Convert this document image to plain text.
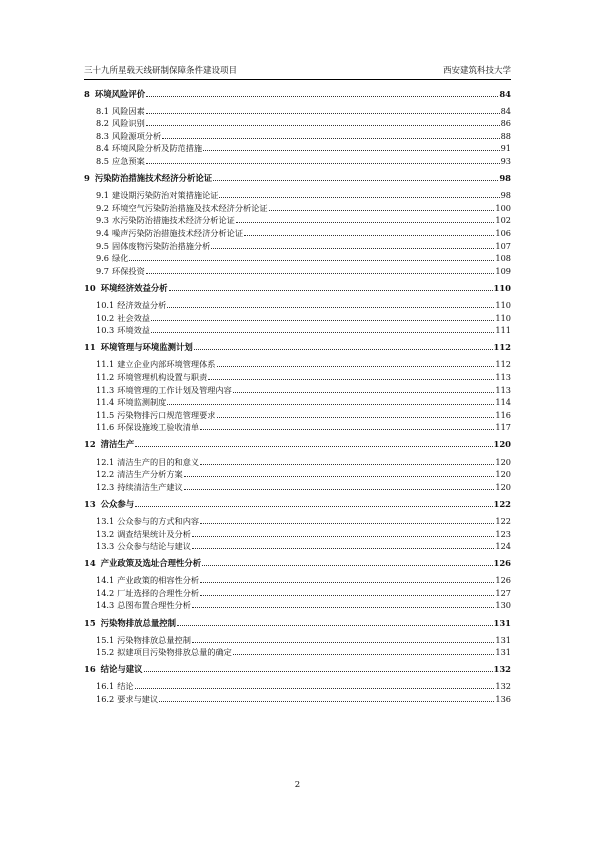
三十九所星载天线研制保障条件建设项目	西安建筑科技大学
8 环境风险评价	84
8.1 风险因素	84
8.2 风险识别	86
8.3 风险源项分析	88
8.4 环境风险分析及防范措施	91
8.5 应急预案	93
9 污染防治措施技术经济分析论证	98
9.1 建设期污染防治对策措施论证	98
9.2 环境空气污染防治措施及技术经济分析论证	100
9.3 水污染防治措施技术经济分析论证	102
9.4 噪声污染防治措施技术经济分析论证	106
9.5 固体废物污染防治措施分析	107
9.6 绿化	108
9.7 环保投资	109
10 环境经济效益分析	110
10.1 经济效益分析	110
10.2 社会效益	110
10.3 环境效益	111
11 环境管理与环境监测计划	112
11.1 建立企业内部环境管理体系	112
11.2 环境管理机构设置与职责	113
11.3 环境管理的工作计划及管理内容	113
11.4 环境监测制度	114
11.5 污染物排污口规范管理要求	116
11.6 环保设施竣工验收清单	117
12 清洁生产	120
12.1 清洁生产的目的和意义	120
12.2 清洁生产分析方案	120
12.3 持续清洁生产建议	120
13 公众参与	122
13.1 公众参与的方式和内容	122
13.2 调查结果统计及分析	123
13.3 公众参与结论与建议	124
14 产业政策及选址合理性分析	126
14.1 产业政策的相容性分析	126
14.2 厂址选择的合理性分析	127
14.3 总图布置合理性分析	130
15 污染物排放总量控制	131
15.1 污染物排放总量控制	131
15.2 拟建项目污染物排放总量的确定	131
16 结论与建议	132
16.1 结论	132
16.2 要求与建议	136
2
